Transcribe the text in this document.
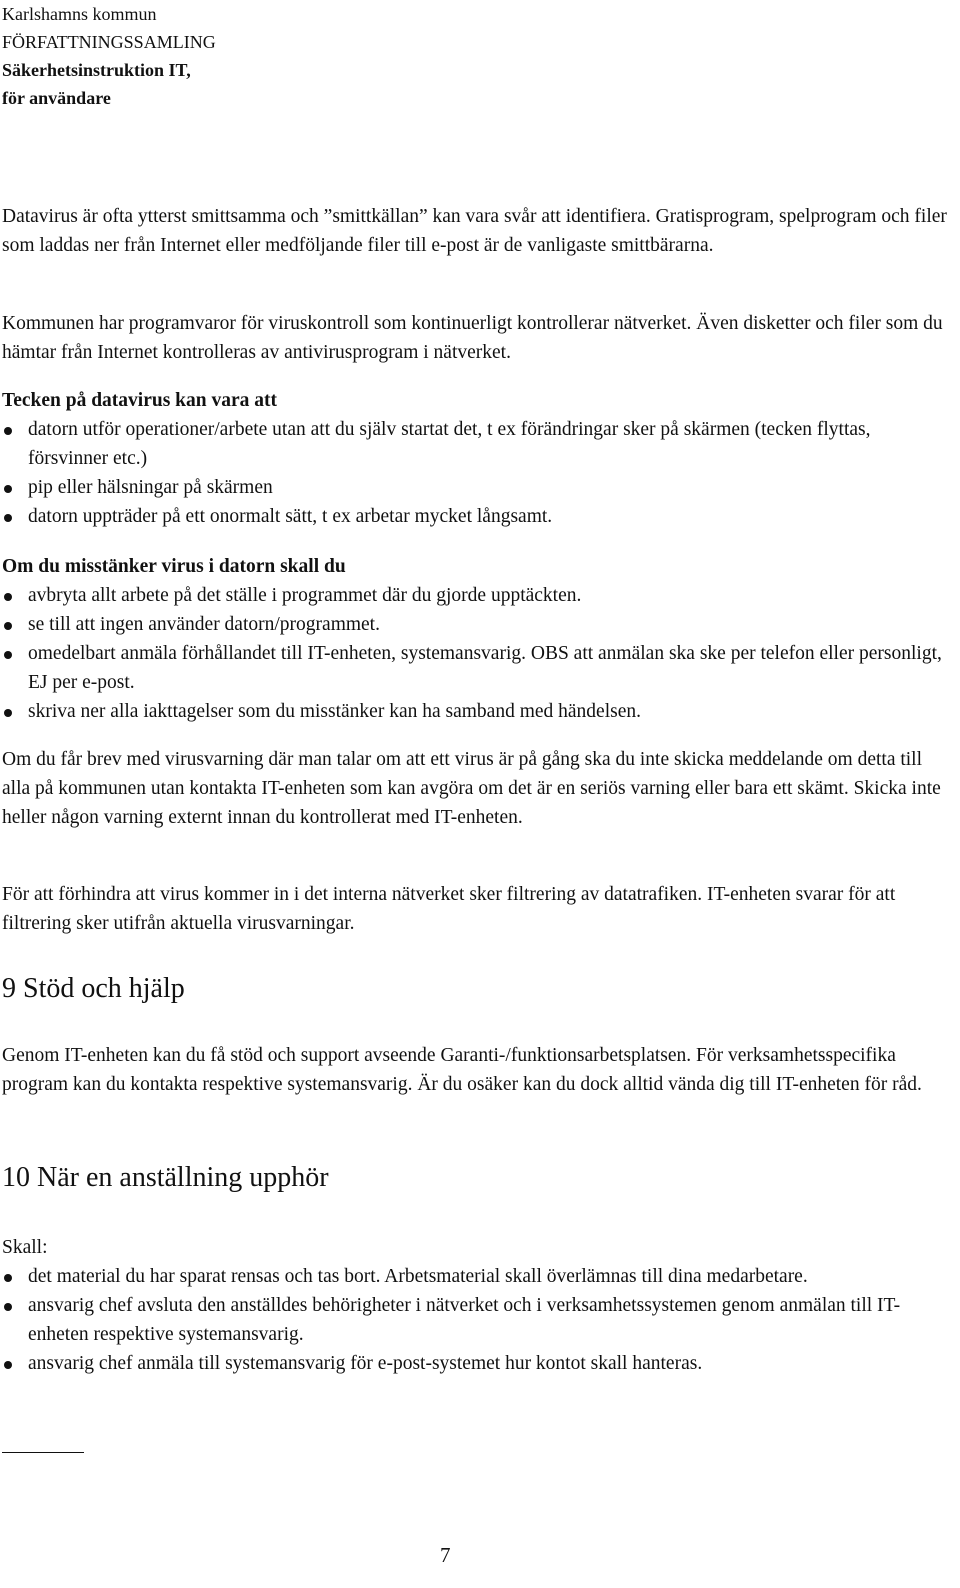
Karlshamns kommun
FÖRFATTNINGSSAMLING
Säkerhetsinstruktion IT,
för användare

Datavirus är ofta ytterst smittsamma och ”smittkällan” kan vara svår att identifiera. Gratisprogram, spelprogram och filer som laddas ner från Internet eller medföljande filer till e-post är de vanligaste smittbärarna.

Kommunen har programvaror för viruskontroll som kontinuerligt kontrollerar nätverket. Även disketter och filer som du hämtar från Internet kontrolleras av antivirusprogram i nätverket.

Tecken på datavirus kan vara att

datorn utför operationer/arbete utan att du själv startat det, t ex förändringar sker på skärmen (tecken flyttas, försvinner etc.)
pip eller hälsningar på skärmen
datorn uppträder på ett onormalt sätt, t ex arbetar mycket långsamt.

Om du misstänker virus i datorn skall du

avbryta allt arbete på det ställe i programmet där du gjorde upptäckten.
se till att ingen använder datorn/programmet.
omedelbart anmäla förhållandet till IT-enheten, systemansvarig. OBS att anmälan ska ske per telefon eller personligt, EJ per e-post.
skriva ner alla iakttagelser som du misstänker kan ha samband med händelsen.

Om du får brev med virusvarning där man talar om att ett virus är på gång ska du inte skicka meddelande om detta till alla på kommunen utan kontakta IT-enheten som kan avgöra om det är en seriös varning eller bara ett skämt. Skicka inte heller någon varning externt innan du kontrollerat med IT-enheten.

För att förhindra att virus kommer in i det interna nätverket sker filtrering av datatrafiken. IT-enheten svarar för att filtrering sker utifrån aktuella virusvarningar.

9 Stöd och hjälp

Genom IT-enheten kan du få stöd och support avseende Garanti-/funktionsarbetsplatsen. För verksamhetsspecifika program kan du kontakta respektive systemansvarig. Är du osäker kan du dock alltid vända dig till IT-enheten för råd.

10 När en anställning upphör

Skall:

det material du har sparat rensas och tas bort. Arbetsmaterial skall överlämnas till dina medarbetare.
ansvarig chef avsluta den anställdes behörigheter i nätverket och i verksamhetssystemen genom anmälan till IT-enheten respektive systemansvarig.
ansvarig chef anmäla till systemansvarig för e-post-systemet hur kontot skall hanteras.
7
